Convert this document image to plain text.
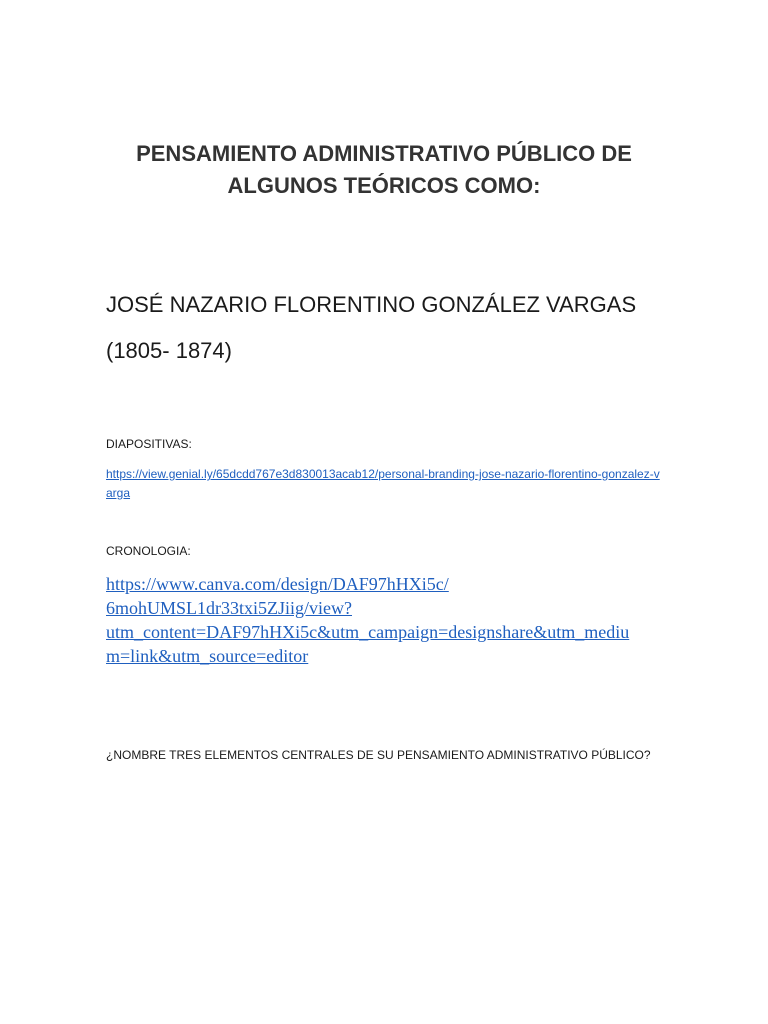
PENSAMIENTO ADMINISTRATIVO PÚBLICO DE
ALGUNOS TEÓRICOS COMO:
JOSÉ NAZARIO FLORENTINO GONZÁLEZ VARGAS
(1805- 1874)
DIAPOSITIVAS:
https://view.genial.ly/65dcdd767e3d830013acab12/personal-branding-jose-nazario-florentino-gonzalez-varga
CRONOLOGIA:
https://www.canva.com/design/DAF97hHXi5c/
6mohUMSL1dr33txi5ZJiig/view?
utm_content=DAF97hHXi5c&utm_campaign=designshare&utm_mediu
m=link&utm_source=editor
¿NOMBRE TRES ELEMENTOS CENTRALES DE SU PENSAMIENTO ADMINISTRATIVO PÚBLICO?
